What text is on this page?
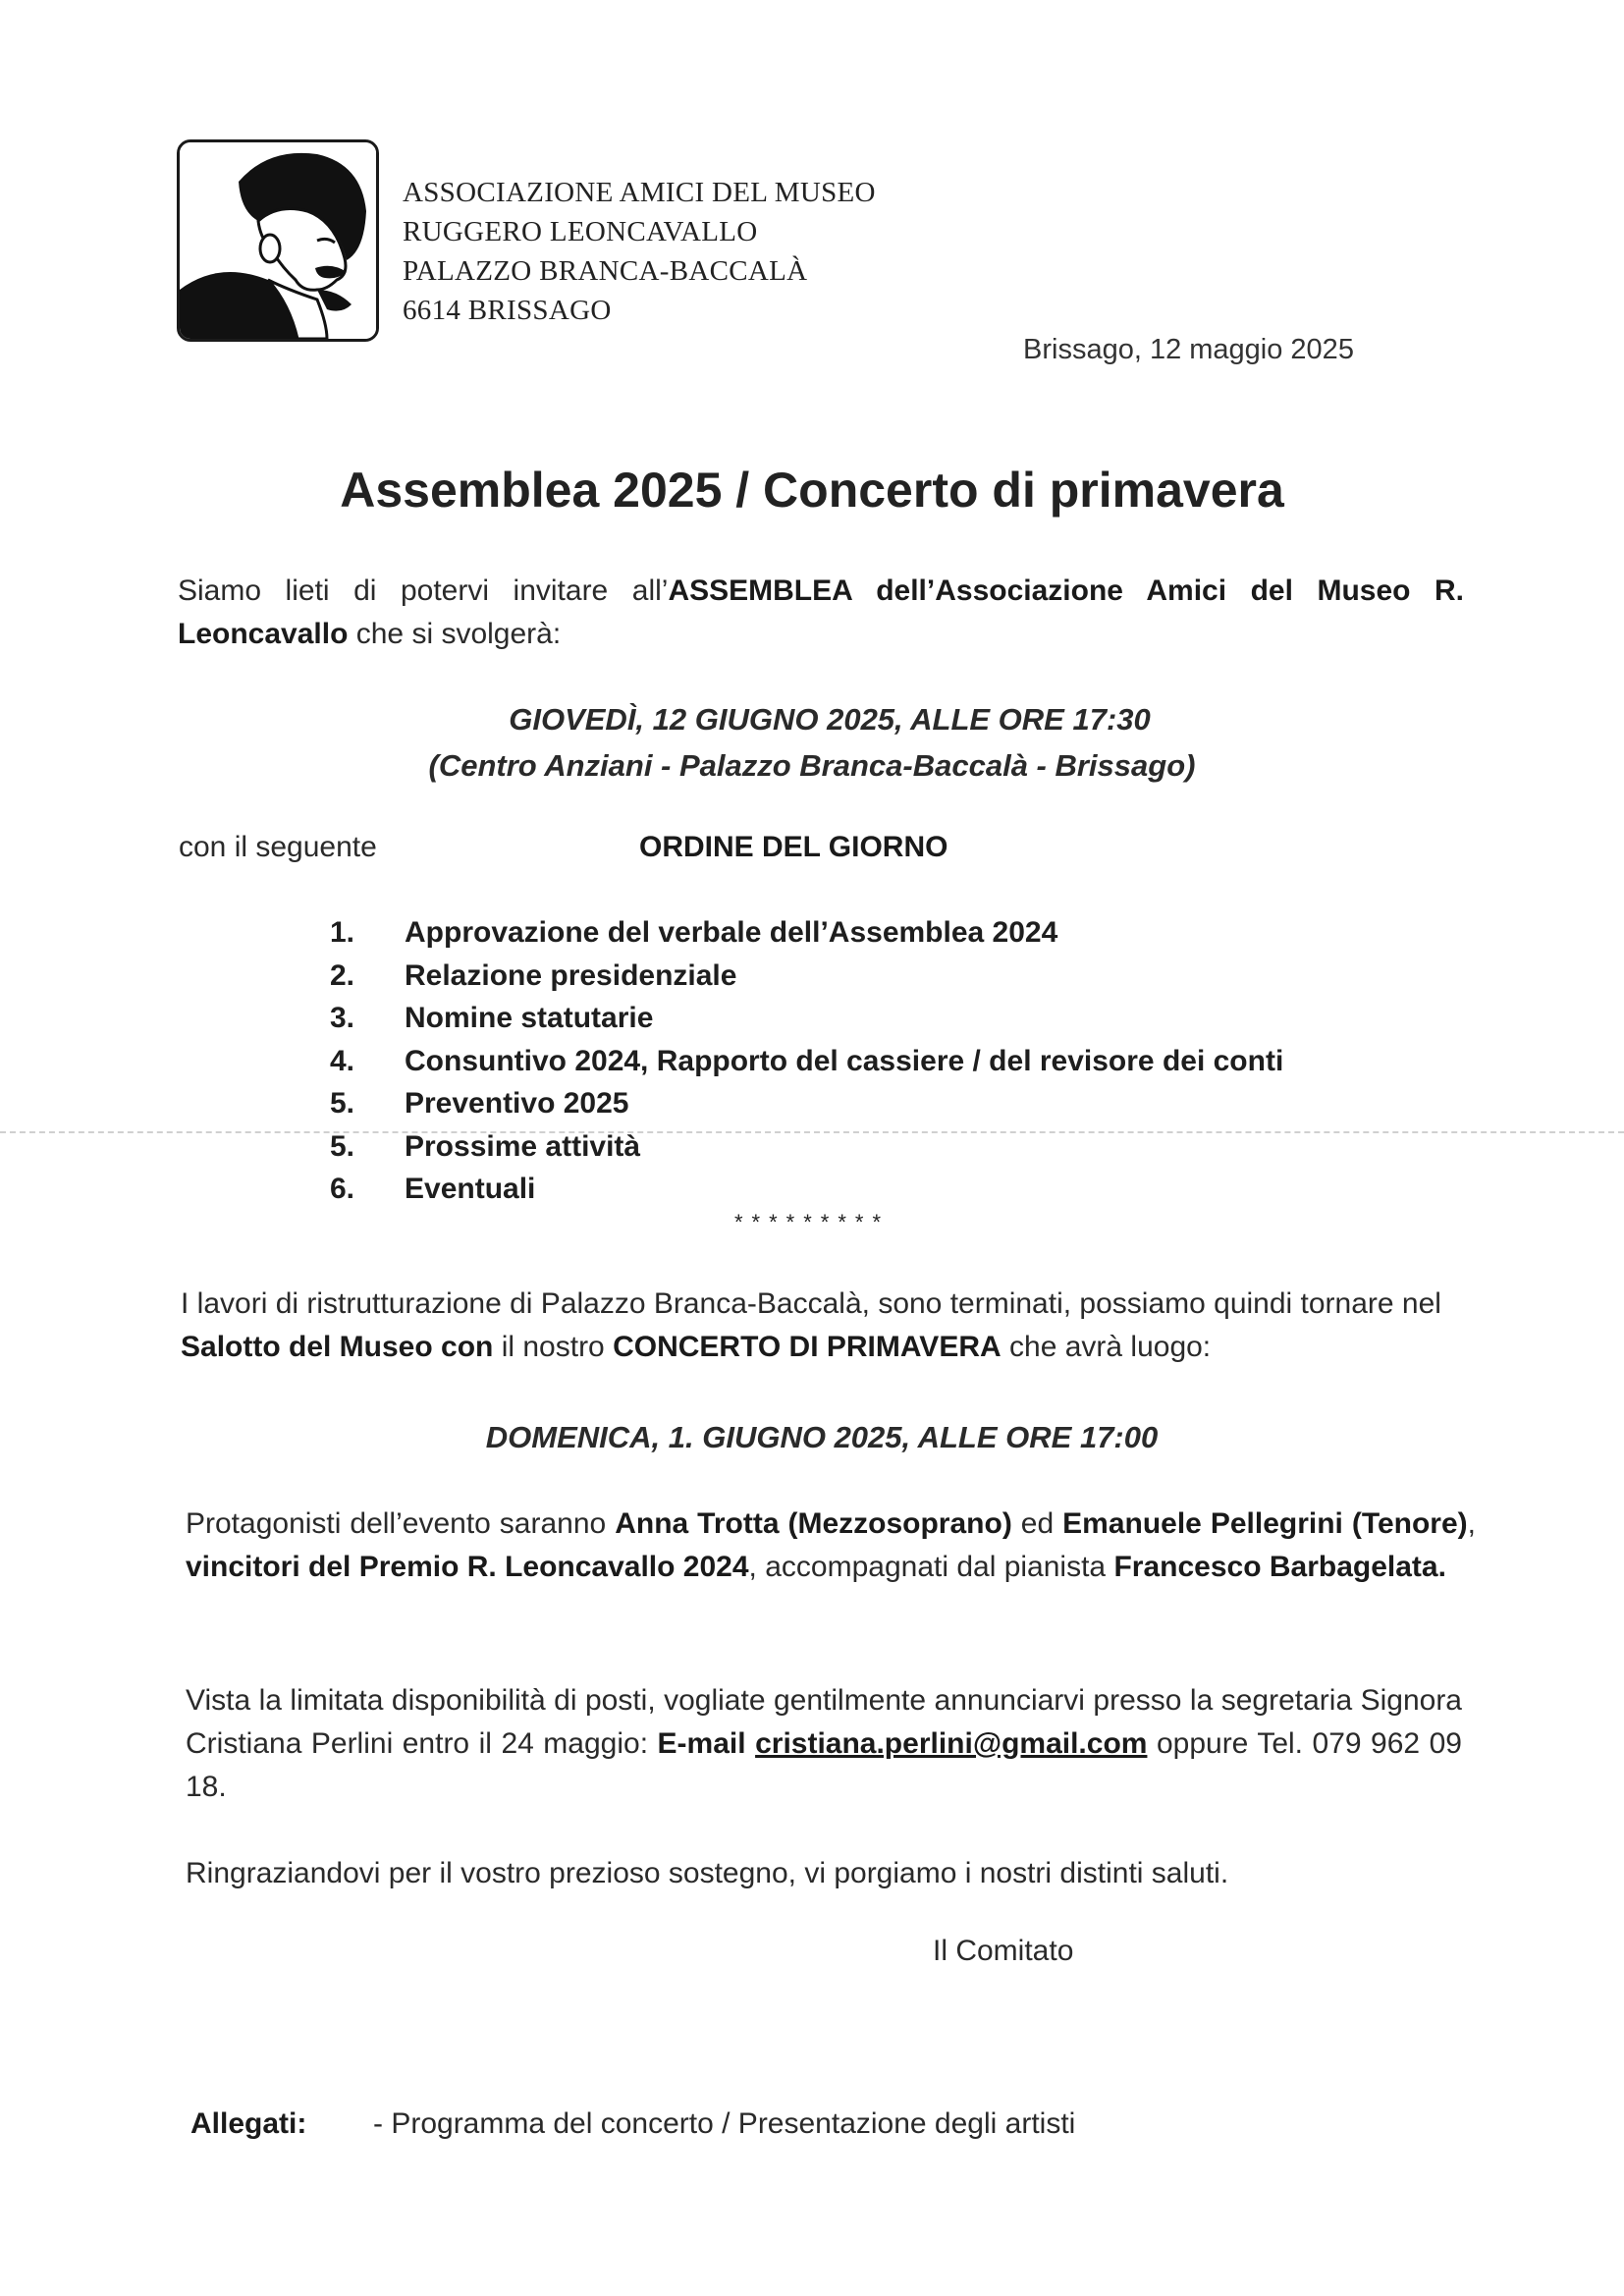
ASSOCIAZIONE AMICI DEL MUSEO
RUGGERO LEONCAVALLO
PALAZZO BRANCA-BACCALÀ
6614 BRISSAGO
Brissago, 12 maggio 2025
Assemblea 2025 / Concerto di primavera
Siamo lieti di potervi invitare all’ASSEMBLEA dell’Associazione Amici del Museo R. Leoncavallo che si svolgerà:
GIOVEDÌ, 12 GIUGNO 2025, ALLE ORE 17:30
(Centro Anziani - Palazzo Branca-Baccalà - Brissago)
con il seguente	ORDINE DEL GIORNO
1. Approvazione del verbale dell’Assemblea 2024
2. Relazione presidenziale
3. Nomine statutarie
4. Consuntivo 2024, Rapporto del cassiere / del revisore dei conti
5. Preventivo 2025
5. Prossime attività
6. Eventuali
*********
I lavori di ristrutturazione di Palazzo Branca-Baccalà, sono terminati, possiamo quindi tornare nel Salotto del Museo con il nostro CONCERTO DI PRIMAVERA che avrà luogo:
DOMENICA, 1. GIUGNO 2025, ALLE ORE 17:00
Protagonisti dell’evento saranno Anna Trotta (Mezzosoprano) ed Emanuele Pellegrini (Tenore), vincitori del Premio R. Leoncavallo 2024, accompagnati dal pianista Francesco Barbagelata.
Vista la limitata disponibilità di posti, vogliate gentilmente annunciarvi presso la segretaria Signora Cristiana Perlini entro il 24 maggio: E-mail cristiana.perlini@gmail.com oppure Tel. 079 962 09 18.
Ringraziandovi per il vostro prezioso sostegno, vi porgiamo i nostri distinti saluti.
Il Comitato
Allegati: - Programma del concerto / Presentazione degli artisti
